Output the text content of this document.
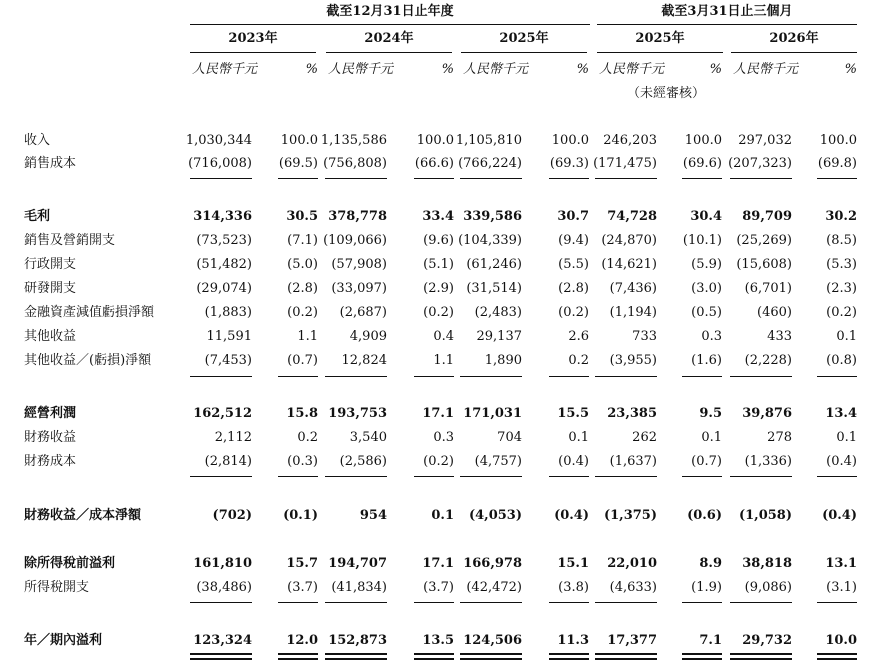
截至12月31日止年度	截至3月31日止三個月
2023年
人民幣千元	%
2024年
人民幣千元	%
2025年
人民幣千元	%
2025年
人民幣千元	%
（未經審核）
2026年
人民幣千元	%
收入	1,030,344	100.0 1,135,586	100.0 1,105,810	100.0	246,203	100.0	297,032	100.0
銷售成本	(716,008)	(69.5) (756,808)	(66.6) (766,224)	(69.3) (171,475)	(69.6) (207,323)	(69.8)
毛利	314,336	30.5 378,778	33.4 339,586	30.7	74,728	30.4	89,709	30.2
銷售及營銷開支	(73,523)	(7.1) (109,066)	(9.6) (104,339)	(9.4) (24,870)	(10.1)	(25,269)	(8.5)
行政開支	(51,482)	(5.0)	(57,908)	(5.1) (61,246)	(5.5) (14,621)	(5.9)	(15,608)	(5.3)
研發開支	(29,074)	(2.8)	(33,097)	(2.9) (31,514)	(2.8)	(7,436)	(3.0)	(6,701)	(2.3)
金融資產減值虧損淨額	(1,883)	(0.2)	(2,687)	(0.2)	(2,483)	(0.2)	(1,194)	(0.5)	(460)	(0.2)
其他收益	11,591	1.1	4,909	0.4	29,137	2.6	733	0.3	433	0.1
其他收益／(虧損)淨額	(7,453)	(0.7)	12,824	1.1	1,890	0.2	(3,955)	(1.6)	(2,228)	(0.8)
經營利潤	162,512	15.8 193,753	17.1 171,031	15.5	23,385	9.5	39,876	13.4
財務收益	2,112	0.2	3,540	0.3	704	0.1	262	0.1	278	0.1
財務成本	(2,814)	(0.3)	(2,586)	(0.2)	(4,757)	(0.4)	(1,637)	(0.7)	(1,336)	(0.4)
財務收益／成本淨額	(702)	(0.1)	954	0.1	(4,053)	(0.4)	(1,375)	(0.6)	(1,058)	(0.4)
除所得稅前溢利	161,810	15.7 194,707	17.1 166,978	15.1	22,010	8.9	38,818	13.1
所得稅開支	(38,486)	(3.7)	(41,834)	(3.7) (42,472)	(3.8)	(4,633)	(1.9)	(9,086)	(3.1)
年／期內溢利	123,324	12.0 152,873	13.5 124,506	11.3	17,377	7.1	29,732	10.0
